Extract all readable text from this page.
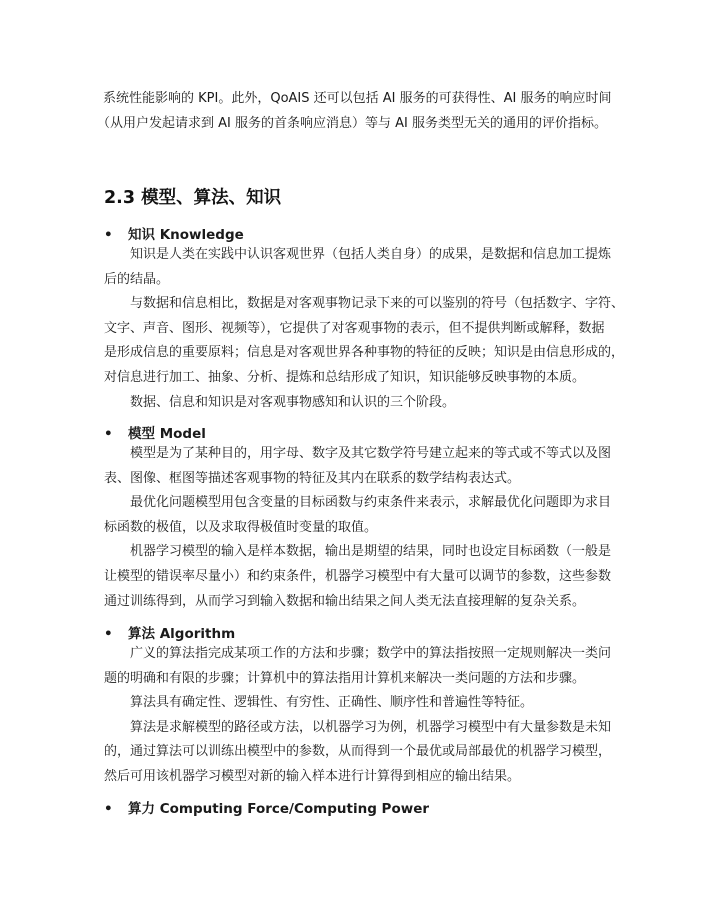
系统性能影响的 KPI。此外，QoAIS 还可以包括 AI 服务的可获得性、AI 服务的响应时间

（从用户发起请求到 AI 服务的首条响应消息）等与 AI 服务类型无关的通用的评价指标。

2.3 模型、算法、知识
• 知识 Knowledge

知识是人类在实践中认识客观世界（包括人类自身）的成果，是数据和信息加工提炼

后的结晶。

与数据和信息相比，数据是对客观事物记录下来的可以鉴别的符号（包括数字、字符、

文字、声音、图形、视频等），它提供了对客观事物的表示，但不提供判断或解释，数据

是形成信息的重要原料；信息是对客观世界各种事物的特征的反映；知识是由信息形成的，

对信息进行加工、抽象、分析、提炼和总结形成了知识，知识能够反映事物的本质。

数据、信息和知识是对客观事物感知和认识的三个阶段。

• 模型 Model

模型是为了某种目的，用字母、数字及其它数学符号建立起来的等式或不等式以及图

表、图像、框图等描述客观事物的特征及其内在联系的数学结构表达式。

最优化问题模型用包含变量的目标函数与约束条件来表示，求解最优化问题即为求目

标函数的极值，以及求取得极值时变量的取值。

机器学习模型的输入是样本数据，输出是期望的结果，同时也设定目标函数（一般是

让模型的错误率尽量小）和约束条件，机器学习模型中有大量可以调节的参数，这些参数

通过训练得到，从而学习到输入数据和输出结果之间人类无法直接理解的复杂关系。

• 算法 Algorithm

广义的算法指完成某项工作的方法和步骤；数学中的算法指按照一定规则解决一类问

题的明确和有限的步骤；计算机中的算法指用计算机来解决一类问题的方法和步骤。

算法具有确定性、逻辑性、有穷性、正确性、顺序性和普遍性等特征。

算法是求解模型的路径或方法，以机器学习为例，机器学习模型中有大量参数是未知

的，通过算法可以训练出模型中的参数，从而得到一个最优或局部最优的机器学习模型，

然后可用该机器学习模型对新的输入样本进行计算得到相应的输出结果。

• 算力 Computing Force/Computing Power
